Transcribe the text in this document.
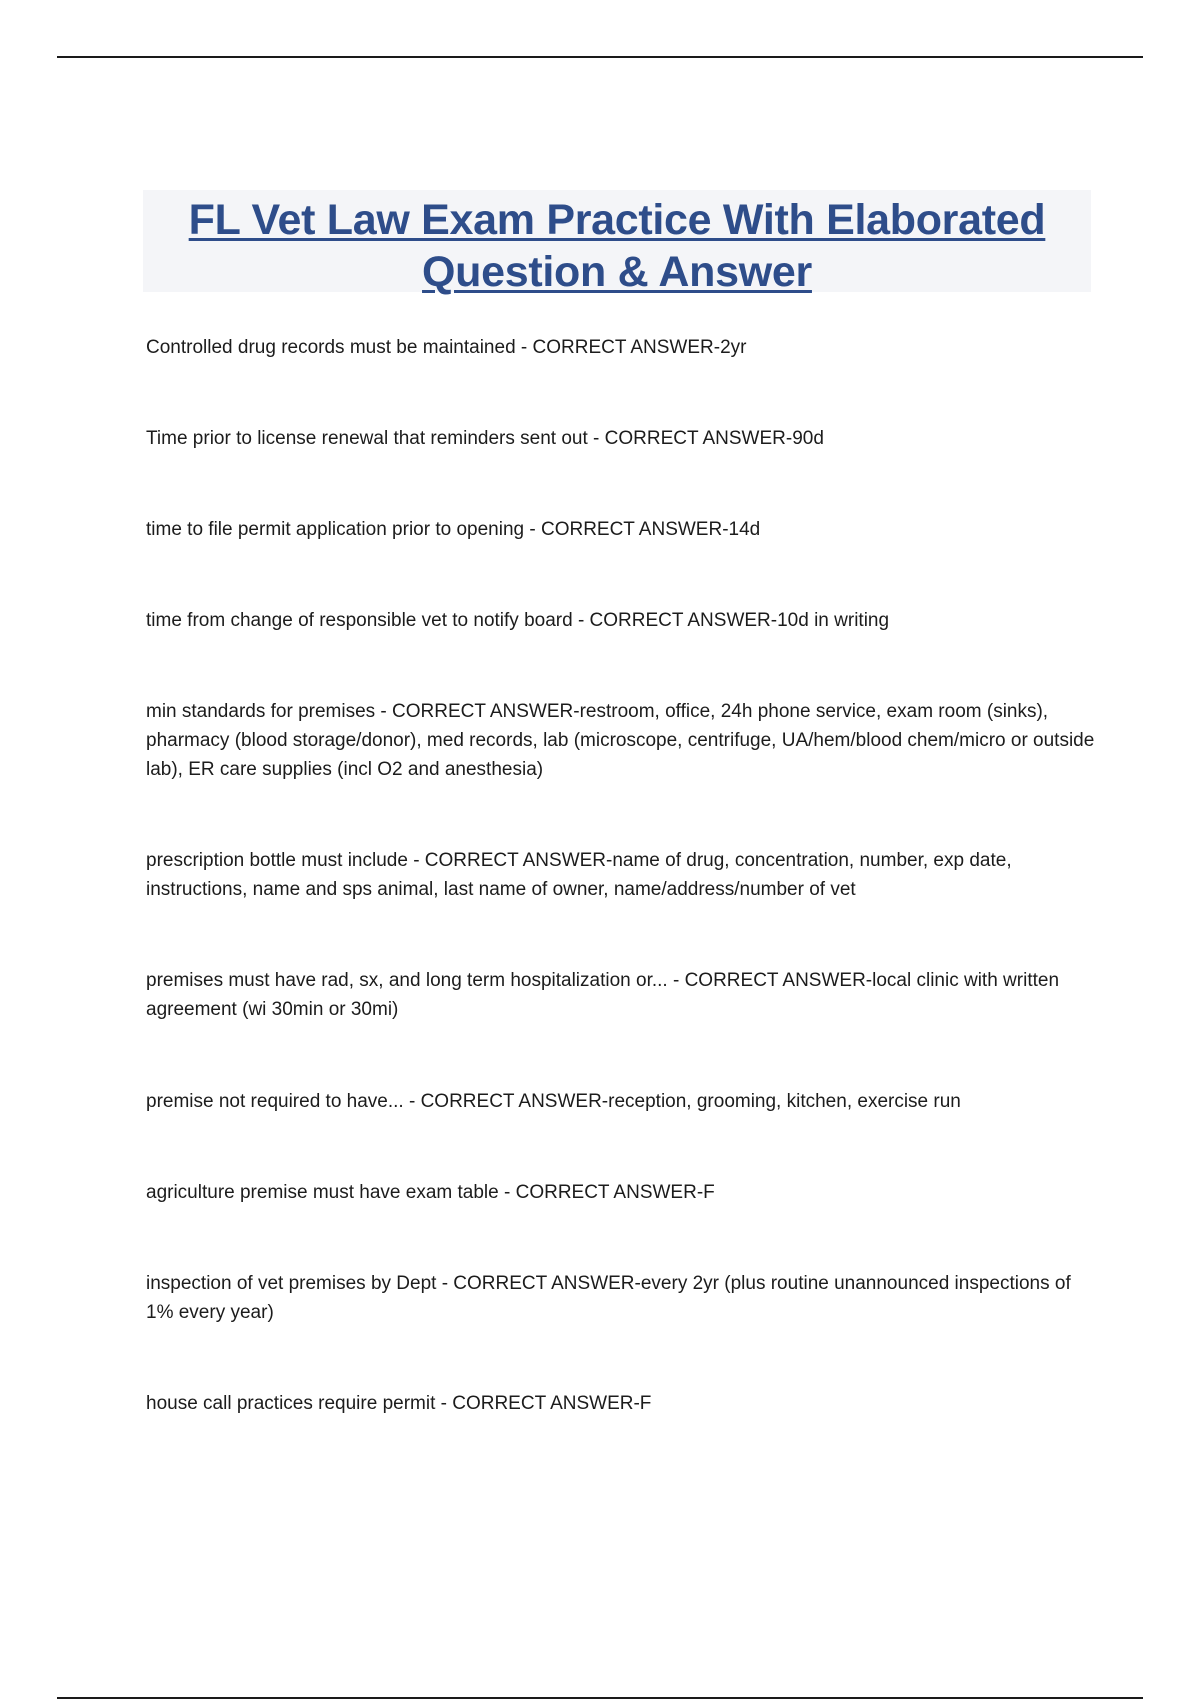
FL Vet Law Exam Practice With Elaborated Question & Answer
Controlled drug records must be maintained - CORRECT ANSWER-2yr
Time prior to license renewal that reminders sent out - CORRECT ANSWER-90d
time to file permit application prior to opening - CORRECT ANSWER-14d
time from change of responsible vet to notify board - CORRECT ANSWER-10d in writing
min standards for premises - CORRECT ANSWER-restroom, office, 24h phone service, exam room (sinks), pharmacy (blood storage/donor), med records, lab (microscope, centrifuge, UA/hem/blood chem/micro or outside lab), ER care supplies (incl O2 and anesthesia)
prescription bottle must include - CORRECT ANSWER-name of drug, concentration, number, exp date, instructions, name and sps animal, last name of owner, name/address/number of vet
premises must have rad, sx, and long term hospitalization or... - CORRECT ANSWER-local clinic with written agreement (wi 30min or 30mi)
premise not required to have... - CORRECT ANSWER-reception, grooming, kitchen, exercise run
agriculture premise must have exam table - CORRECT ANSWER-F
inspection of vet premises by Dept - CORRECT ANSWER-every 2yr (plus routine unannounced inspections of 1% every year)
house call practices require permit - CORRECT ANSWER-F
